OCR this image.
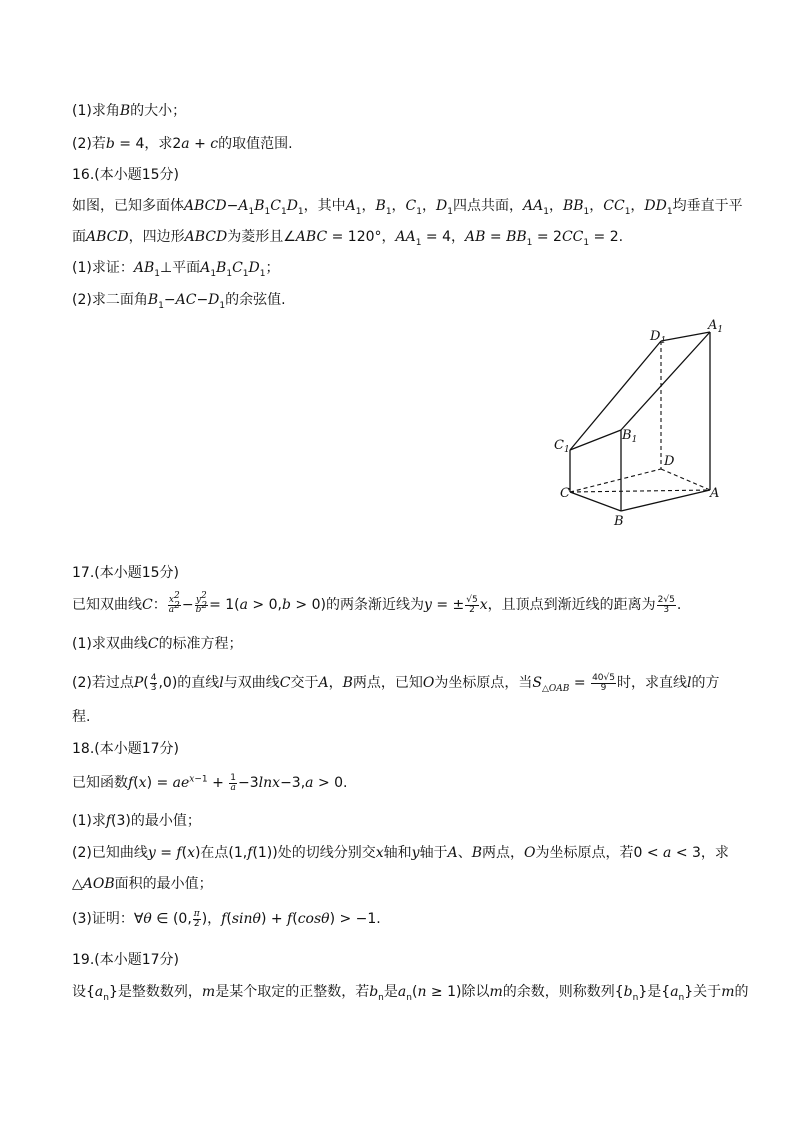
(1)求角B的大小；
(2)若b = 4，求2a + c的取值范围.
16.(本小题15分)
如图，已知多面体$ABCD-A_1B_1C_1D_1$，其中$A_1$，$B_1$，$C_1$，$D_1$四点共面，$AA_1$，$BB_1$，$CC_1$，$DD_1$均垂直于平
面ABCD，四边形ABCD为菱形且∠ABC = 120°，$AA_1 = 4$，AB = $BB_1 = 2CC_1 = 2$.
(1)求证：$AB_1\perp$平面$A_1B_1C_1D_1$；
(2)求二面角$B_1-AC-D_1$的余弦值.
$A_1$
$D_1$
$B_1$
$C_1$
D
C	A
B
17.(本小题15分)
已知双曲线C： $\frac{x^2}{a^2} - \frac{y^2}{b^2} = 1(a > 0,b > 0)$的两条渐近线为y = ± $\frac{√5}{2}$ x，且顶点到渐近线的距离为 $\frac{2√5}{3}$ .
(1)求双曲线C的标准方程；
(2)若过点$P( \frac{4}{3} ,0)$的直线l与双曲线C交于A，B两点，已知O为坐标原点，当$S_{\triangle OAB} = \frac{40√5}{9}$ 时，求直线l的方
程.
18.(本小题17分)
已知函数$f(x) = ae^{x-1} + \frac{1}{a} -3\ln x-3,a > 0$.
(1)求f(3)的最小值；
(2)已知曲线y = f(x)在点(1,f(1))处的切线分别交x轴和y轴于A、B两点，O为坐标原点，若0 < a < 3，求
△AOB面积的最小值；
(3)证明：∀θ ∈ (0, $\frac{\pi}{2}$ )，f(sinθ) + f(cosθ) > −1.
19.(本小题17分)
设$\{a_n\}$是整数数列，m是某个取定的正整数，若$b_n$是$a_n(n \ge 1)$除以m的余数，则称数列$\{b_n\}$是$\{a_n\}$关于m的
